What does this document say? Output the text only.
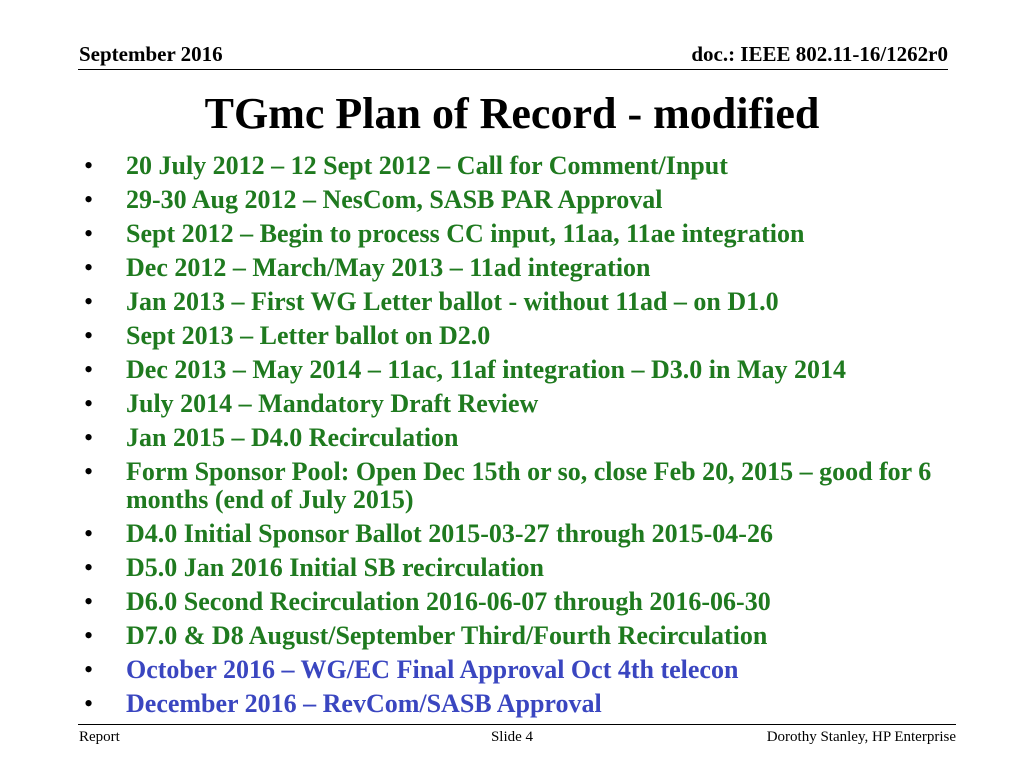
September 2016	doc.: IEEE 802.11-16/1262r0
TGmc Plan of Record - modified
•	20 July 2012 – 12 Sept 2012 – Call for Comment/Input
•	29-30 Aug 2012 – NesCom, SASB PAR Approval
•	Sept 2012 – Begin to process CC input, 11aa, 11ae integration
•	Dec 2012 – March/May 2013 – 11ad integration
•	Jan 2013 – First WG Letter ballot - without 11ad – on D1.0
•	Sept 2013 – Letter ballot on D2.0
•	Dec 2013 – May 2014 – 11ac, 11af integration – D3.0 in May 2014
•	July 2014 – Mandatory Draft Review
•	Jan 2015 – D4.0 Recirculation
•	Form Sponsor Pool: Open Dec 15th or so, close Feb 20, 2015 – good for 6 months (end of July 2015)
•	D4.0 Initial Sponsor Ballot 2015-03-27 through 2015-04-26
•	D5.0 Jan 2016 Initial SB recirculation
•	D6.0 Second Recirculation 2016-06-07 through 2016-06-30
•	D7.0 & D8 August/September Third/Fourth Recirculation
•	October 2016 – WG/EC Final Approval Oct 4th telecon
•	December 2016 – RevCom/SASB Approval
Report	Slide 4	Dorothy Stanley, HP Enterprise
